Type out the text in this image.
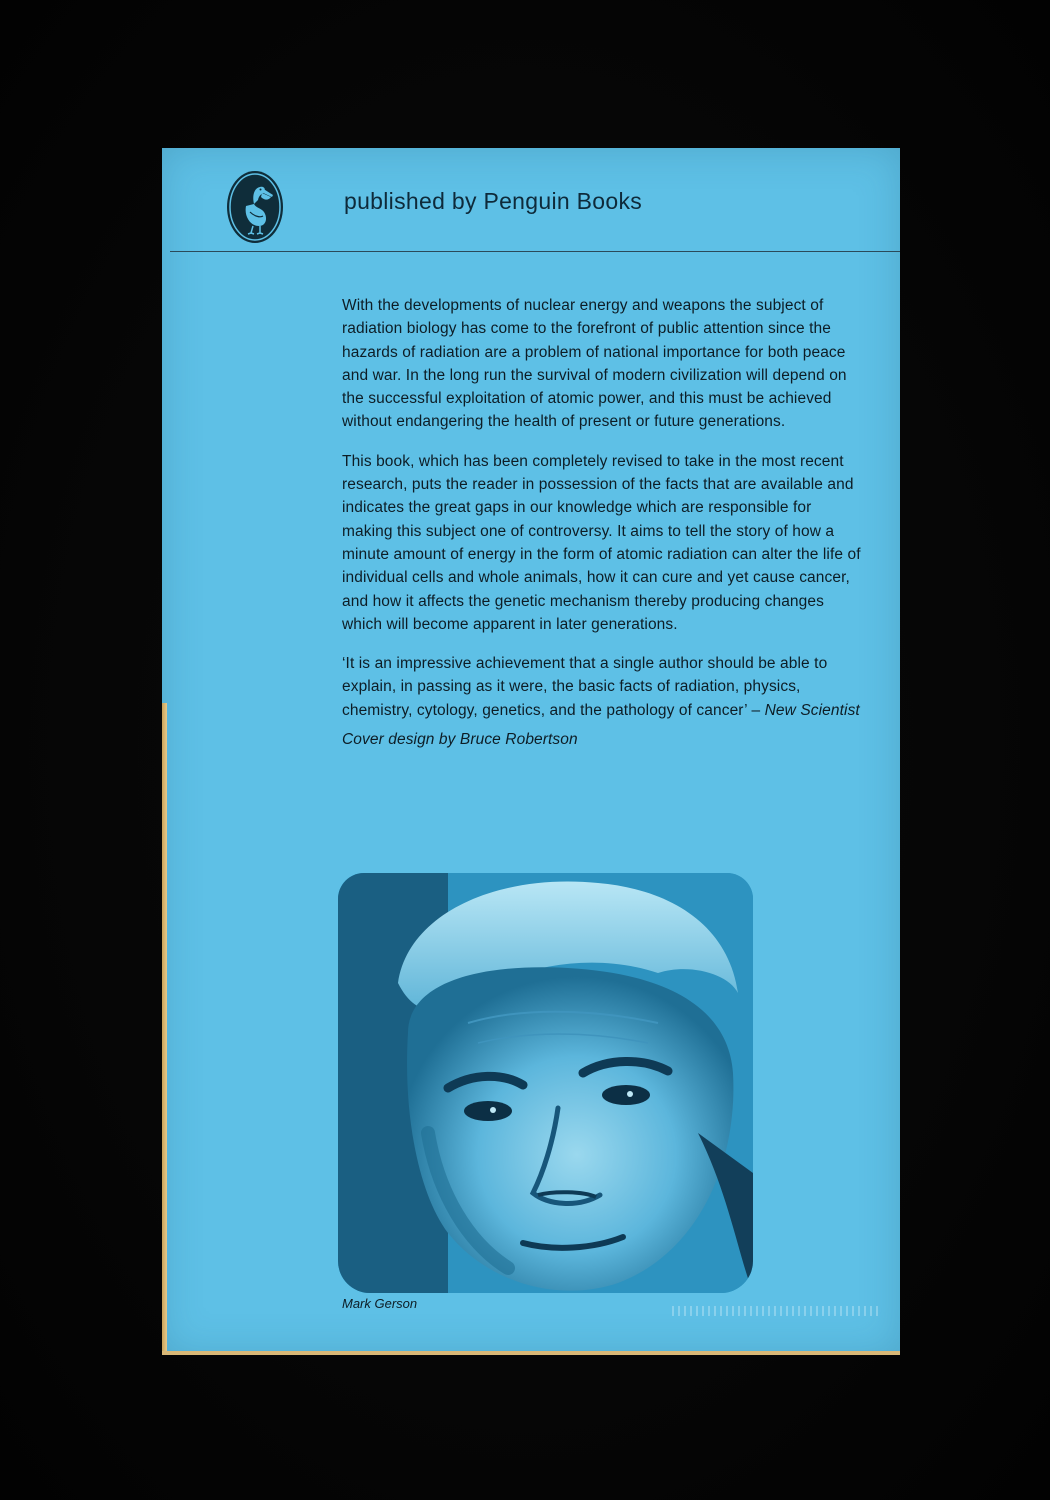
published by Penguin Books

With the developments of nuclear energy and weapons the subject of radiation biology has come to the forefront of public attention since the hazards of radiation are a problem of national importance for both peace and war. In the long run the survival of modern civilization will depend on the successful exploitation of atomic power, and this must be achieved without endangering the health of present or future generations.

This book, which has been completely revised to take in the most recent research, puts the reader in possession of the facts that are available and indicates the great gaps in our knowledge which are responsible for making this subject one of controversy. It aims to tell the story of how a minute amount of energy in the form of atomic radiation can alter the life of individual cells and whole animals, how it can cure and yet cause cancer, and how it affects the genetic mechanism thereby producing changes which will become apparent in later generations.

‘It is an impressive achievement that a single author should be able to explain, in passing as it were, the basic facts of radiation, physics, chemistry, cytology, genetics, and the pathology of cancer’ – New Scientist

Cover design by Bruce Robertson

Mark Gerson
